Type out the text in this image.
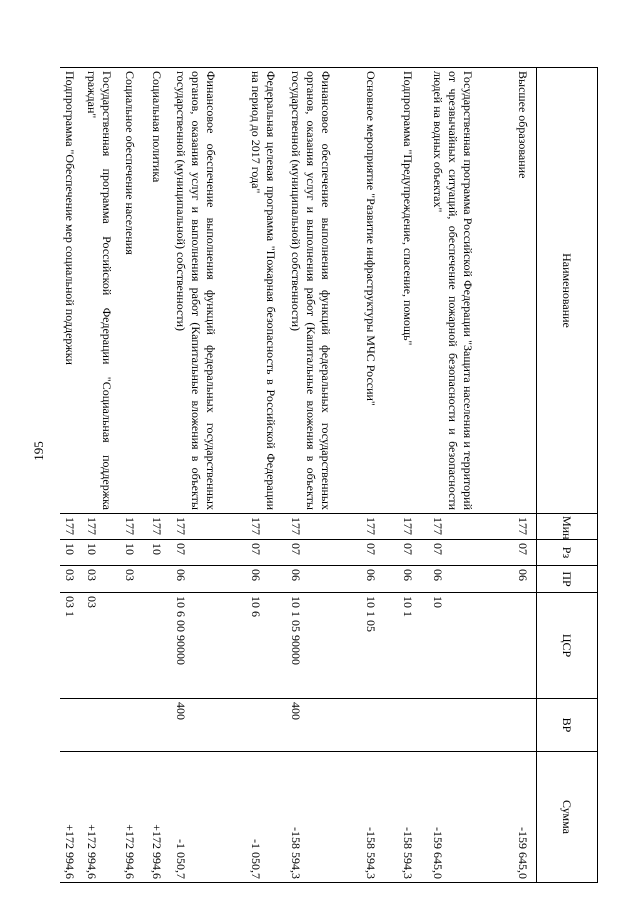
195
Наименование	Мин	Рз	ПР	ЦСР	ВР	Сумма
Высшее образование	177	07	06			-159 645,0
Государственная программа Российской Федерации "Защита населения и территорий от чрезвычайных ситуаций, обеспечение пожарной безопасности и безопасности людей на водных объектах"	177	07	06	10		-159 645,0
Подпрограмма "Предупреждение, спасение, помощь"	177	07	06	10 1		-158 594,3
Основное мероприятие "Развитие инфраструктуры МЧС России"	177	07	06	10 1 05		-158 594,3
Финансовое обеспечение выполнения функций федеральных государственных органов, оказания услуг и выполнения работ (Капитальные вложения в объекты государственной (муниципальной) собственности)	177	07	06	10 1 05 90000	400	-158 594,3
Федеральная целевая программа "Пожарная безопасность в Российской Федерации на период до 2017 года"	177	07	06	10 6		-1 050,7
Финансовое обеспечение выполнения функций федеральных государственных органов, оказания услуг и выполнения работ (Капитальные вложения в объекты государственной (муниципальной) собственности)	177	07	06	10 6 00 90000	400	-1 050,7
Социальная политика	177	10				+172 994,6
Социальное обеспечение населения	177	10	03			+172 994,6
Государственная программа Российской Федерации "Социальная поддержка граждан"	177	10	03	03		+172 994,6
Подпрограмма "Обеспечение мер социальной поддержки	177	10	03	03 1		+172 994,6
